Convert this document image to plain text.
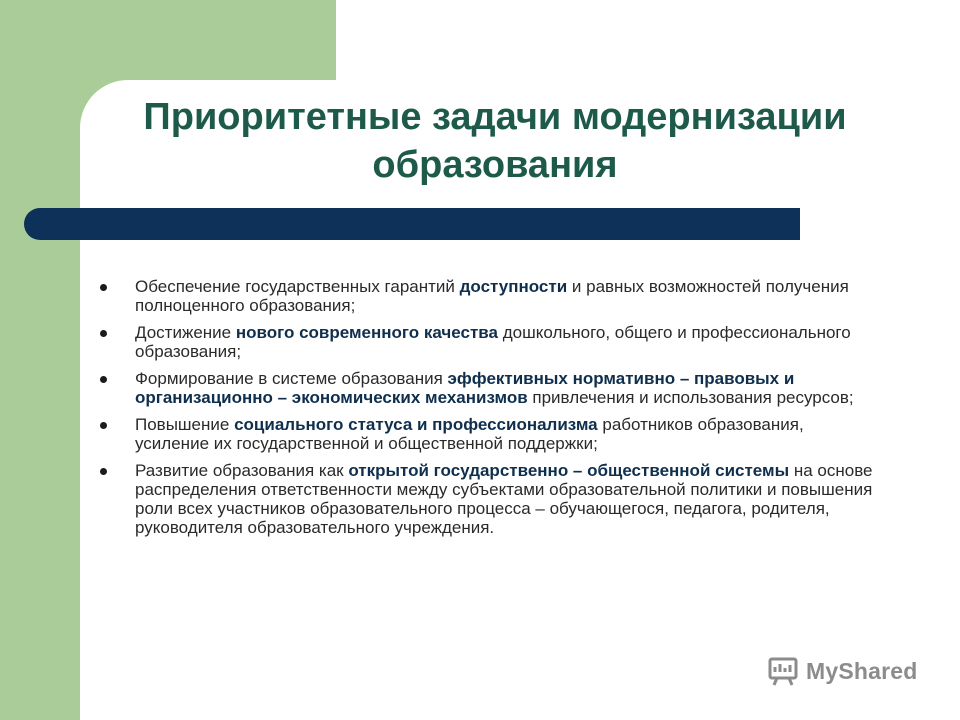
Приоритетные задачи модернизации образования
Обеспечение государственных гарантий доступности и равных возможностей получения полноценного образования;
Достижение нового современного качества дошкольного, общего и профессионального образования;
Формирование в системе образования эффективных нормативно – правовых и организационно – экономических механизмов привлечения и использования ресурсов;
Повышение социального статуса и профессионализма работников образования, усиление их государственной и общественной поддержки;
Развитие образования как открытой государственно – общественной системы на основе распределения ответственности между субъектами образовательной политики и повышения роли всех участников образовательного процесса – обучающегося, педагога, родителя, руководителя образовательного учреждения.
MyShared
